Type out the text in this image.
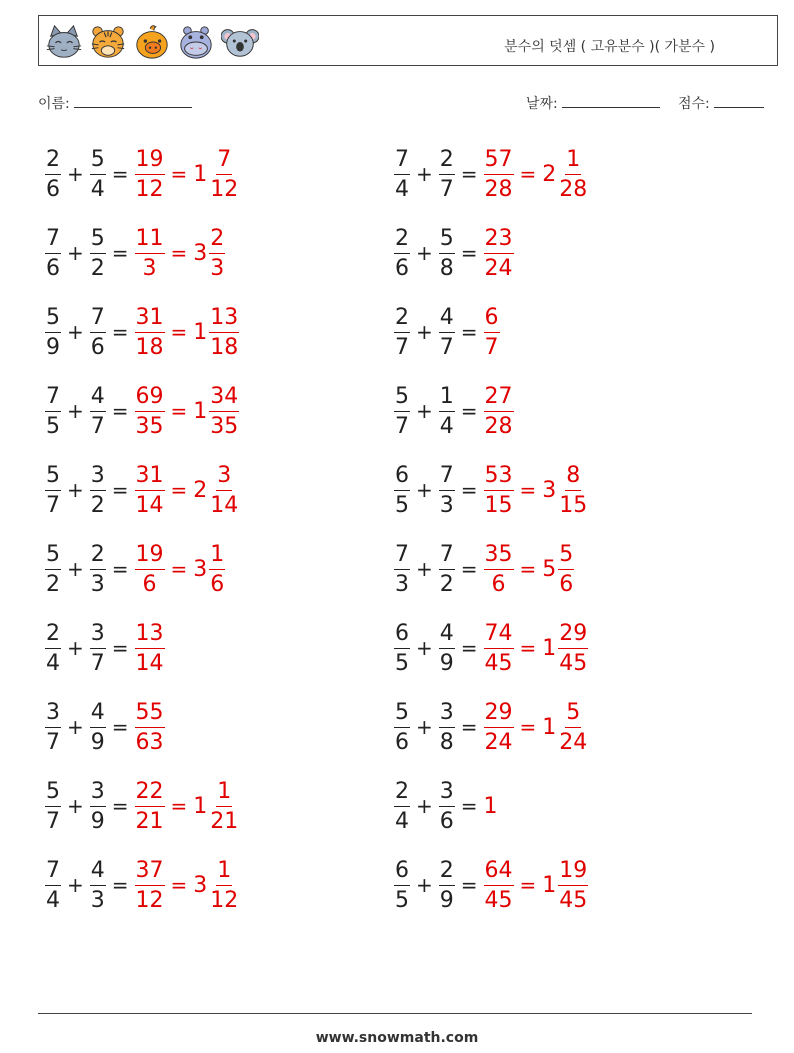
분수의 덧셈 ( 고유분수 )( 가분수 )
이름:	날짜:	점수:
$\frac{2}{6} + \frac{5}{4} = \frac{19}{12} = 1 \frac{7}{12}$	$\frac{7}{4} + \frac{2}{7} = \frac{57}{28} = 2 \frac{1}{28}$
$\frac{7}{6} + \frac{5}{2} = \frac{11}{3} = 3 \frac{2}{3}$	$\frac{2}{6} + \frac{5}{8} = \frac{23}{24}$
$\frac{5}{9} + \frac{7}{6} = \frac{31}{18} = 1 \frac{13}{18}$	$\frac{2}{7} + \frac{4}{7} = \frac{6}{7}$
$\frac{7}{5} + \frac{4}{7} = \frac{69}{35} = 1 \frac{34}{35}$	$\frac{5}{7} + \frac{1}{4} = \frac{27}{28}$
$\frac{5}{7} + \frac{3}{2} = \frac{31}{14} = 2 \frac{3}{14}$	$\frac{6}{5} + \frac{7}{3} = \frac{53}{15} = 3 \frac{8}{15}$
$\frac{5}{2} + \frac{2}{3} = \frac{19}{6} = 3 \frac{1}{6}$	$\frac{7}{3} + \frac{7}{2} = \frac{35}{6} = 5 \frac{5}{6}$
$\frac{2}{4} + \frac{3}{7} = \frac{13}{14}$	$\frac{6}{5} + \frac{4}{9} = \frac{74}{45} = 1 \frac{29}{45}$
$\frac{3}{7} + \frac{4}{9} = \frac{55}{63}$	$\frac{5}{6} + \frac{3}{8} = \frac{29}{24} = 1 \frac{5}{24}$
$\frac{5}{7} + \frac{3}{9} = \frac{22}{21} = 1 \frac{1}{21}$	$\frac{2}{4} + \frac{3}{6} = 1$
$\frac{7}{4} + \frac{4}{3} = \frac{37}{12} = 3 \frac{1}{12}$	$\frac{6}{5} + \frac{2}{9} = \frac{64}{45} = 1 \frac{19}{45}$
www.snowmath.com
